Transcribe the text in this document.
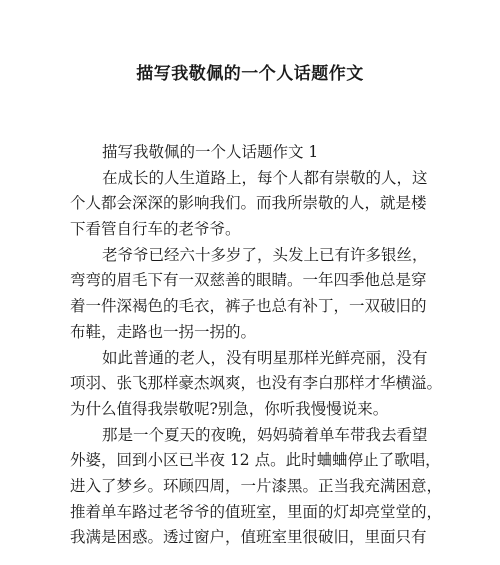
描写我敬佩的一个人话题作文
描写我敬佩的一个人话题作文 1
在成长的人生道路上，每个人都有崇敬的人，这
个人都会深深的影响我们。而我所崇敬的人，就是楼
下看管自行车的老爷爷。
老爷爷已经六十多岁了，头发上已有许多银丝，
弯弯的眉毛下有一双慈善的眼睛。一年四季他总是穿
着一件深褐色的毛衣，裤子也总有补丁，一双破旧的
布鞋，走路也一拐一拐的。
如此普通的老人，没有明星那样光鲜亮丽，没有
项羽、张飞那样豪杰飒爽，也没有李白那样才华横溢。
为什么值得我崇敬呢?别急，你听我慢慢说来。
那是一个夏天的夜晚，妈妈骑着单车带我去看望
外婆，回到小区已半夜 12 点。此时蛐蛐停止了歌唱，
进入了梦乡。环顾四周，一片漆黑。正当我充满困意，
推着单车路过老爷爷的值班室，里面的灯却亮堂堂的，
我满是困惑。透过窗户，值班室里很破旧，里面只有
